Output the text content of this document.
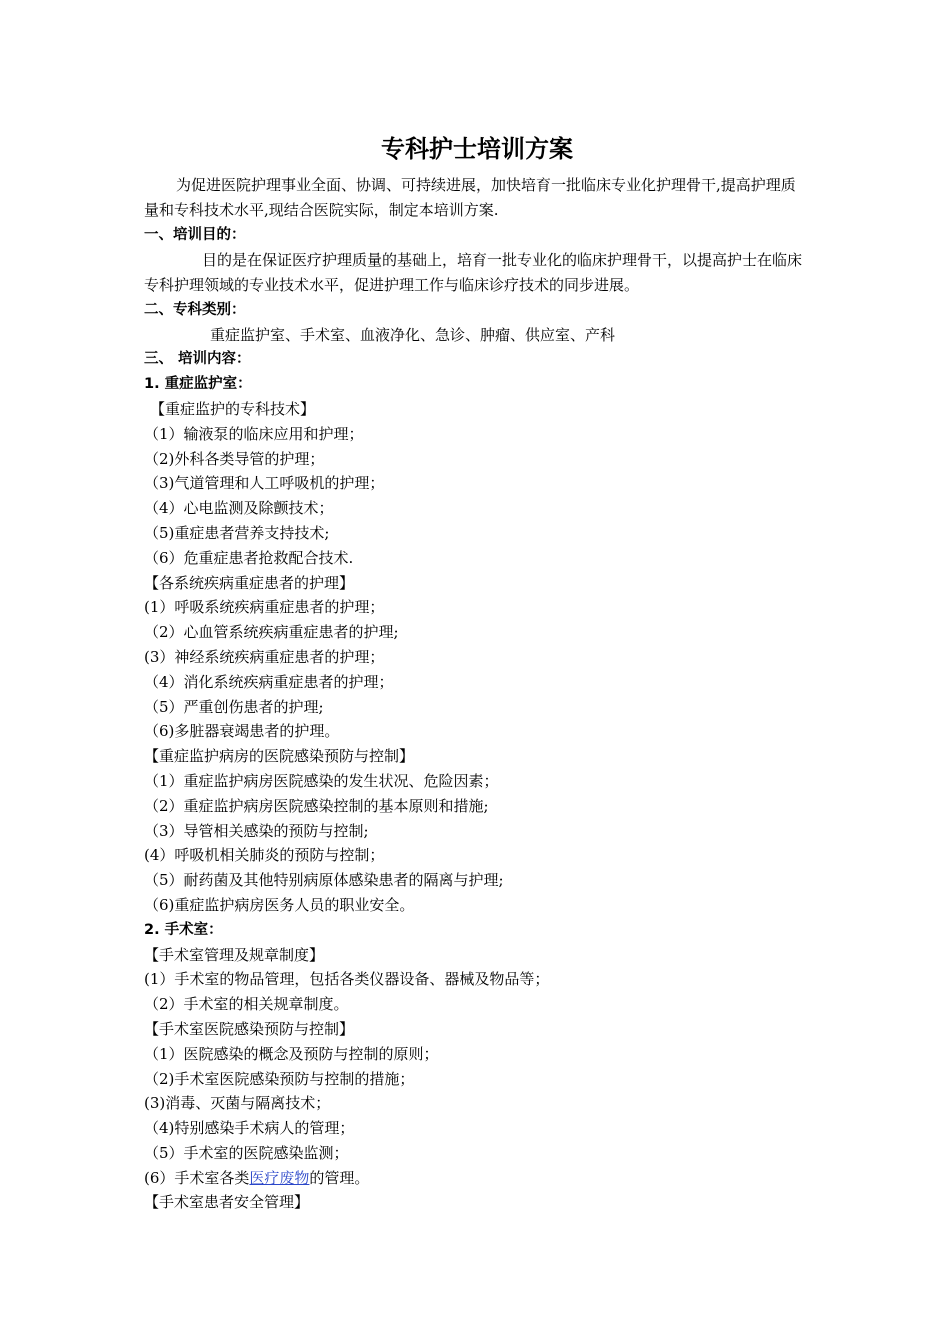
专科护士培训方案

为促进医院护理事业全面、协调、可持续进展，加快培育一批临床专业化护理骨干,提高护理质量和专科技术水平,现结合医院实际，制定本培训方案.

一、培训目的：

目的是在保证医疗护理质量的基础上，培育一批专业化的临床护理骨干，以提高护士在临床专科护理领域的专业技术水平，促进护理工作与临床诊疗技术的同步进展。

二、专科类别：

重症监护室、手术室、血液净化、急诊、肿瘤、供应室、产科

三、 培训内容：

1. 重症监护室：

【重症监护的专科技术】

（1）输液泵的临床应用和护理；

（2)外科各类导管的护理；

（3)气道管理和人工呼吸机的护理；

（4）心电监测及除颤技术；

（5)重症患者营养支持技术;

（6）危重症患者抢救配合技术.

【各系统疾病重症患者的护理】

(1）呼吸系统疾病重症患者的护理；

（2）心血管系统疾病重症患者的护理;

(3）神经系统疾病重症患者的护理；

（4）消化系统疾病重症患者的护理；

（5）严重创伤患者的护理;

（6)多脏器衰竭患者的护理。

【重症监护病房的医院感染预防与控制】

（1）重症监护病房医院感染的发生状况、危险因素；

（2）重症监护病房医院感染控制的基本原则和措施;

（3）导管相关感染的预防与控制;

(4）呼吸机相关肺炎的预防与控制；

（5）耐药菌及其他特别病原体感染患者的隔离与护理;

（6)重症监护病房医务人员的职业安全。

2. 手术室：

【手术室管理及规章制度】

(1）手术室的物品管理，包括各类仪器设备、器械及物品等；

（2）手术室的相关规章制度。

【手术室医院感染预防与控制】

（1）医院感染的概念及预防与控制的原则；

（2)手术室医院感染预防与控制的措施；

(3)消毒、灭菌与隔离技术；

（4)特别感染手术病人的管理；

（5）手术室的医院感染监测；

(6）手术室各类医疗废物的管理。

【手术室患者安全管理】
